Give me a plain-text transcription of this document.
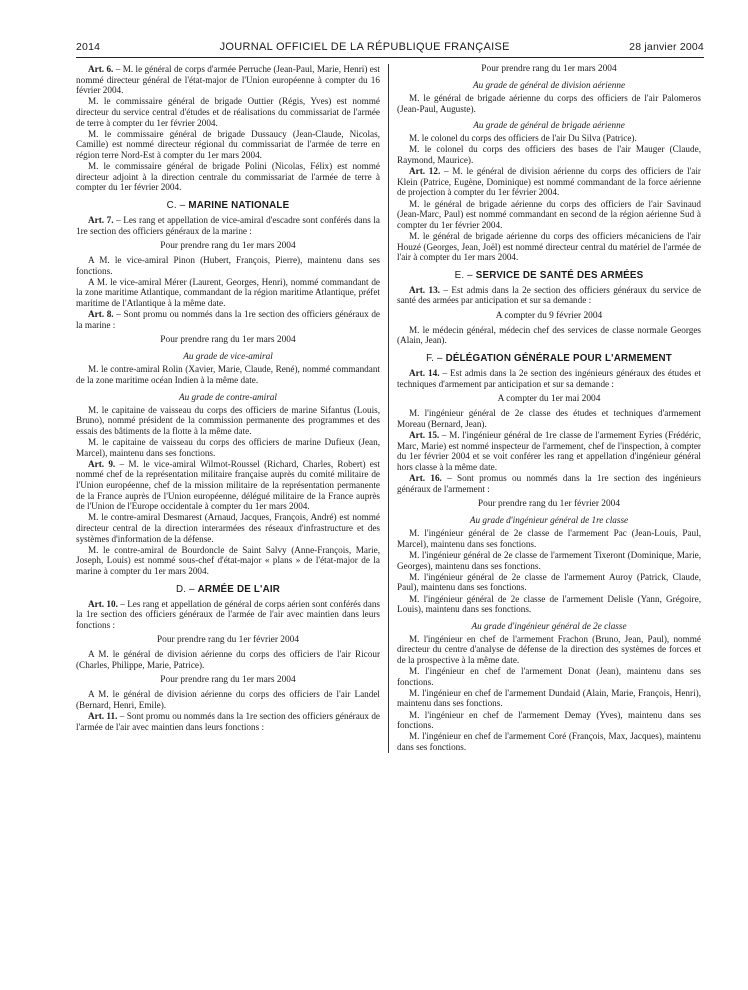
2014	JOURNAL OFFICIEL DE LA RÉPUBLIQUE FRANÇAISE	28 janvier 2004

Art. 6. – M. le général de corps d'armée Perruche (Jean-Paul, Marie, Henri) est nommé directeur général de l'état-major de l'Union européenne à compter du 16 février 2004.

M. le commissaire général de brigade Outtier (Régis, Yves) est nommé directeur du service central d'études et de réalisations du commissariat de l'armée de terre à compter du 1er février 2004.

M. le commissaire général de brigade Dussaucy (Jean-Claude, Nicolas, Camille) est nommé directeur régional du commissariat de l'armée de terre en région terre Nord-Est à compter du 1er mars 2004.

M. le commissaire général de brigade Polini (Nicolas, Félix) est nommé directeur adjoint à la direction centrale du commissariat de l'armée de terre à compter du 1er février 2004.

C. – MARINE NATIONALE

Art. 7. – Les rang et appellation de vice-amiral d'escadre sont conférés dans la 1re section des officiers généraux de la marine :

Pour prendre rang du 1er mars 2004

A M. le vice-amiral Pinon (Hubert, François, Pierre), maintenu dans ses fonctions.

A M. le vice-amiral Mérer (Laurent, Georges, Henri), nommé commandant de la zone maritime Atlantique, commandant de la région maritime Atlantique, préfet maritime de l'Atlantique à la même date.

Art. 8. – Sont promu ou nommés dans la 1re section des officiers généraux de la marine :

Pour prendre rang du 1er mars 2004
Au grade de vice-amiral

M. le contre-amiral Rolin (Xavier, Marie, Claude, René), nommé commandant de la zone maritime océan Indien à la même date.

Au grade de contre-amiral

M. le capitaine de vaisseau du corps des officiers de marine Sifantus (Louis, Bruno), nommé président de la commission permanente des programmes et des essais des bâtiments de la flotte à la même date.

M. le capitaine de vaisseau du corps des officiers de marine Dufieux (Jean, Marcel), maintenu dans ses fonctions.

Art. 9. – M. le vice-amiral Wilmot-Roussel (Richard, Charles, Robert) est nommé chef de la représentation militaire française auprès du comité militaire de l'Union européenne, chef de la mission militaire de la représentation permanente de la France auprès de l'Union européenne, délégué militaire de la France auprès de l'Union de l'Europe occidentale à compter du 1er mars 2004.

M. le contre-amiral Desmarest (Arnaud, Jacques, François, André) est nommé directeur central de la direction interarmées des réseaux d'infrastructure et des systèmes d'information de la défense.

M. le contre-amiral de Bourdoncle de Saint Salvy (Anne-François, Marie, Joseph, Louis) est nommé sous-chef d'état-major « plans » de l'état-major de la marine à compter du 1er mars 2004.

D. – ARMÉE DE L'AIR

Art. 10. – Les rang et appellation de général de corps aérien sont conférés dans la 1re section des officiers généraux de l'armée de l'air avec maintien dans leurs fonctions :

Pour prendre rang du 1er février 2004

A M. le général de division aérienne du corps des officiers de l'air Ricour (Charles, Philippe, Marie, Patrice).

Pour prendre rang du 1er mars 2004

A M. le général de division aérienne du corps des officiers de l'air Landel (Bernard, Henri, Emile).

Art. 11. – Sont promu ou nommés dans la 1re section des officiers généraux de l'armée de l'air avec maintien dans leurs fonctions :

Pour prendre rang du 1er mars 2004
Au grade de général de division aérienne

M. le général de brigade aérienne du corps des officiers de l'air Palomeros (Jean-Paul, Auguste).

Au grade de général de brigade aérienne

M. le colonel du corps des officiers de l'air Du Silva (Patrice).

M. le colonel du corps des officiers des bases de l'air Mauger (Claude, Raymond, Maurice).

Art. 12. – M. le général de division aérienne du corps des officiers de l'air Klein (Patrice, Eugène, Dominique) est nommé commandant de la force aérienne de projection à compter du 1er février 2004.

M. le général de brigade aérienne du corps des officiers de l'air Savinaud (Jean-Marc, Paul) est nommé commandant en second de la région aérienne Sud à compter du 1er février 2004.

M. le général de brigade aérienne du corps des officiers mécaniciens de l'air Houzé (Georges, Jean, Joël) est nommé directeur central du matériel de l'armée de l'air à compter du 1er mars 2004.

E. – SERVICE DE SANTÉ DES ARMÉES

Art. 13. – Est admis dans la 2e section des officiers généraux du service de santé des armées par anticipation et sur sa demande :

A compter du 9 février 2004

M. le médecin général, médecin chef des services de classe normale Georges (Alain, Jean).

F. – DÉLÉGATION GÉNÉRALE POUR L'ARMEMENT

Art. 14. – Est admis dans la 2e section des ingénieurs généraux des études et techniques d'armement par anticipation et sur sa demande :

A compter du 1er mai 2004

M. l'ingénieur général de 2e classe des études et techniques d'armement Moreau (Bernard, Jean).

Art. 15. – M. l'ingénieur général de 1re classe de l'armement Eyries (Frédéric, Marc, Marie) est nommé inspecteur de l'armement, chef de l'inspection, à compter du 1er février 2004 et se voit conférer les rang et appellation d'ingénieur général hors classe à la même date.

Art. 16. – Sont promus ou nommés dans la 1re section des ingénieurs généraux de l'armement :

Pour prendre rang du 1er février 2004
Au grade d'ingénieur général de 1re classe

M. l'ingénieur général de 2e classe de l'armement Pac (Jean-Louis, Paul, Marcel), maintenu dans ses fonctions.

M. l'ingénieur général de 2e classe de l'armement Tixeront (Dominique, Marie, Georges), maintenu dans ses fonctions.

M. l'ingénieur général de 2e classe de l'armement Auroy (Patrick, Claude, Paul), maintenu dans ses fonctions.

M. l'ingénieur général de 2e classe de l'armement Delisle (Yann, Grégoire, Louis), maintenu dans ses fonctions.

Au grade d'ingénieur général de 2e classe

M. l'ingénieur en chef de l'armement Frachon (Bruno, Jean, Paul), nommé directeur du centre d'analyse de défense de la direction des systèmes de forces et de la prospective à la même date.

M. l'ingénieur en chef de l'armement Donat (Jean), maintenu dans ses fonctions.

M. l'ingénieur en chef de l'armement Dundaid (Alain, Marie, François, Henri), maintenu dans ses fonctions.

M. l'ingénieur en chef de l'armement Demay (Yves), maintenu dans ses fonctions.

M. l'ingénieur en chef de l'armement Coré (François, Max, Jacques), maintenu dans ses fonctions.
